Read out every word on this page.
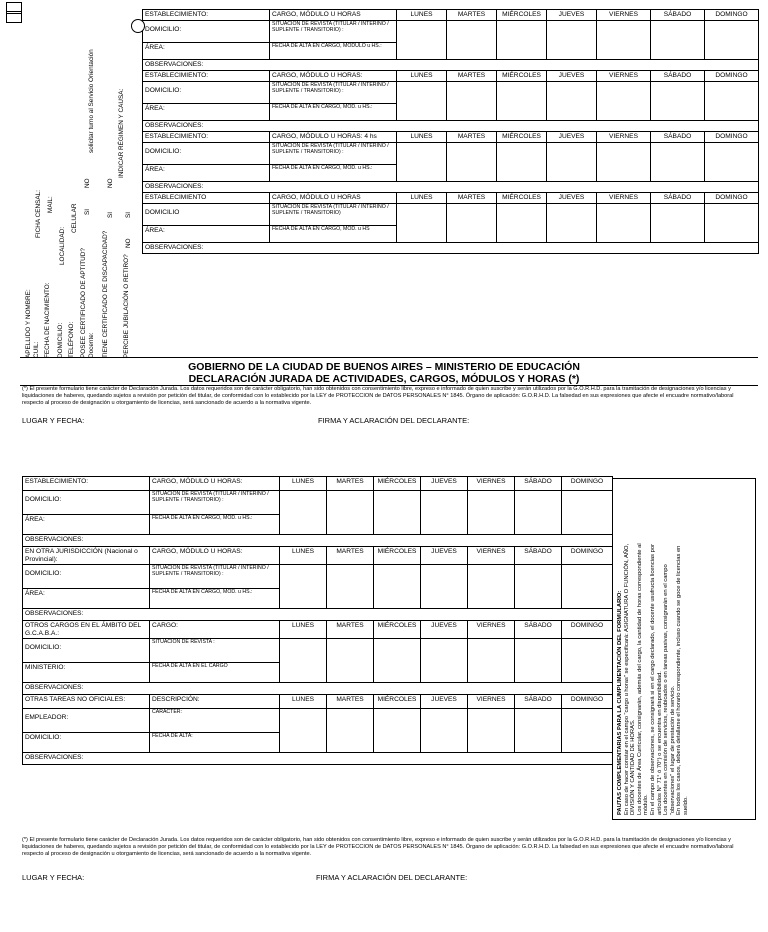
APELLIDO Y NOMBRE: CUIL:
FICHA CENSAL:
FECHA DE NACIMIENTO:
MAIL:
DOMICILIO:
LOCALIDAD:
TELÉFONO:
CELULAR
POSEE CERTIFICADO DE APTITUD? Docente:
SI
NO
solicitar turno al Servicio Orientación
TIENE CERTIFICADO DE DISCAPACIDAD?
SI
NO
INDICAR RÉGIMEN Y CAUSA:
PERCIBE JUBILACIÓN O RETIRO?
SI
NO
ESTABLECIMIENTO:	CARGO, MÓDULO U HORAS	LUNES	MARTES	MIÉRCOLES	JUEVES	VIERNES	SÁBADO	DOMINGO
DOMICILIO:	SITUACIÓN DE REVISTA (TITULAR / INTERINO / SUPLENTE / TRANSITORIO) :							
ÁREA:	FECHA DE ALTA EN CARGO, MÓDULO u HS.:							
OBSERVACIONES:								
ESTABLECIMIENTO:	CARGO, MÓDULO U HORAS:	LUNES	MARTES	MIÉRCOLES	JUEVES	VIERNES	SÁBADO	DOMINGO
DOMICILIO:	SITUACIÓN DE REVISTA (TITULAR / INTERINO / SUPLENTE / TRANSITORIO) :							
ÁREA:	FECHA DE ALTA EN CARGO, MÓD. u HS.:							
OBSERVACIONES:								
ESTABLECIMIENTO:	CARGO, MÓDULO U HORAS: 4 hs	LUNES	MARTES	MIÉRCOLES	JUEVES	VIERNES	SÁBADO	DOMINGO
DOMICILIO:	SITUACIÓN DE REVISTA (TITULAR / INTERINO / SUPLENTE / TRANSITORIO) :							
ÁREA:	FECHA DE ALTA EN CARGO, MÓD. u HS.:							
OBSERVACIONES:								
ESTABLECIMIENTO	CARGO, MÓDULO U HORAS	LUNES	MARTES	MIÉRCOLES	JUEVES	VIERNES	SÁBADO	DOMINGO
DOMICILIO	SITUACIÓN DE REVISTA (TITULAR / INTERINO / SUPLENTE / TRANSITORIO)							
ÁREA:	FECHA DE ALTA EN CARGO, MÓD. u HS							
OBSERVACIONES:								
GOBIERNO DE LA CIUDAD DE BUENOS AIRES – MINISTERIO DE EDUCACIÓN
DECLARACIÓN JURADA DE ACTIVIDADES, CARGOS, MÓDULOS Y HORAS (*)
(*) El presente formulario tiene carácter de Declaración Jurada. Los datos requeridos son de carácter obligatorio, han sido obtenidos con consentimiento libre, expreso e informado de quien suscribe y serán utilizados por la G.O.R.H.D. para la tramitación de designaciones y/o licencias y liquidaciones de haberes, quedando sujetos a revisión por petición del titular, de conformidad con lo establecido por la LEY de PROTECCION de DATOS PERSONALES N° 1845. Órgano de aplicación: G.O.R.H.D. La falsedad en sus expresiones que afecte el encuadre normativo/laboral respecto al proceso de designación u otorgamiento de licencias, será sancionado de acuerdo a la normativa vigente.
LUGAR Y FECHA:	FIRMA Y ACLARACIÓN DEL DECLARANTE:
ESTABLECIMIENTO:	CARGO, MÓDULO U HORAS:	LUNES	MARTES	MIÉRCOLES	JUEVES	VIERNES	SÁBADO	DOMINGO
DOMICILIO:	SITUACIÓN DE REVISTA (TITULAR / INTERINO / SUPLENTE / TRANSITORIO) :							
ÁREA:	FECHA DE ALTA EN CARGO, MÓD. u HS.:							
OBSERVACIONES:								
EN OTRA JURISDICCIÓN (Nacional o Provincial):	CARGO, MÓDULO U HORAS:	LUNES	MARTES	MIÉRCOLES	JUEVES	VIERNES	SÁBADO	DOMINGO
DOMICILIO:	SITUACIÓN DE REVISTA (TITULAR / INTERINO / SUPLENTE / TRANSITORIO) :							
ÁREA:	FECHA DE ALTA EN CARGO, MÓD. u HS.:							
OBSERVACIONES:								
OTROS CARGOS EN EL ÁMBITO DEL G.C.A.B.A.:	CARGO:	LUNES	MARTES	MIÉRCOLES	JUEVES	VIERNES	SÁBADO	DOMINGO
DOMICILIO:	SITUACIÓN DE REVISTA :							
MINISTERIO:	FECHA DE ALTA EN EL CARGO							
OBSERVACIONES:								
OTRAS TAREAS NO OFICIALES:	DESCRIPCIÓN:	LUNES	MARTES	MIÉRCOLES	JUEVES	VIERNES	SÁBADO	DOMINGO
EMPLEADOR:	CARÁCTER:							
DOMICILIO:	FECHA DE ALTA:							
OBSERVACIONES:									PAUTAS COMPLEMENTARIAS PARA LA CUMPLIMENTACIÓN DEL FORMULARIO: En caso de hacer constar en el campo “cargo u horas” se especificará: ASIGNATURA O FUNCIÓN, AÑO, DIVISIÓN Y CANTIDAD DE HORAS. Los docentes de Área Curricular, consignarán, además del cargo, la cantidad de horas correspondiente al módulo. En el campo de observaciones, se consignará si en el cargo declarado, el docente usufructa licencias por artículos N° 71° ó 70°) o se encuentra en disponibilidad. Los docentes en comisión de servicios, reubicados o en tareas pasivas, consignarán en el campo “observaciones” el lugar de prestación de servicio. En todos los casos, deberá detallarse el horario correspondiente, incluso cuando se goce de licencias en sueldo.
(*) El presente formulario tiene carácter de Declaración Jurada. Los datos requeridos son de carácter obligatorio, han sido obtenidos con consentimiento libre, expreso e informado de quien suscribe y serán utilizados por la G.O.R.H.D. para la tramitación de designaciones y/o licencias y liquidaciones de haberes, quedando sujetos a revisión por petición del titular, de conformidad con lo establecido por la LEY de PROTECCION de DATOS PERSONALES N° 1845. Órgano de aplicación: G.O.R.H.D. La falsedad en sus expresiones que afecte el encuadre normativo/laboral respecto al proceso de designación u otorgamiento de licencias, será sancionado de acuerdo a la normativa vigente.
LUGAR Y FECHA:	FIRMA Y ACLARACIÓN DEL DECLARANTE:
